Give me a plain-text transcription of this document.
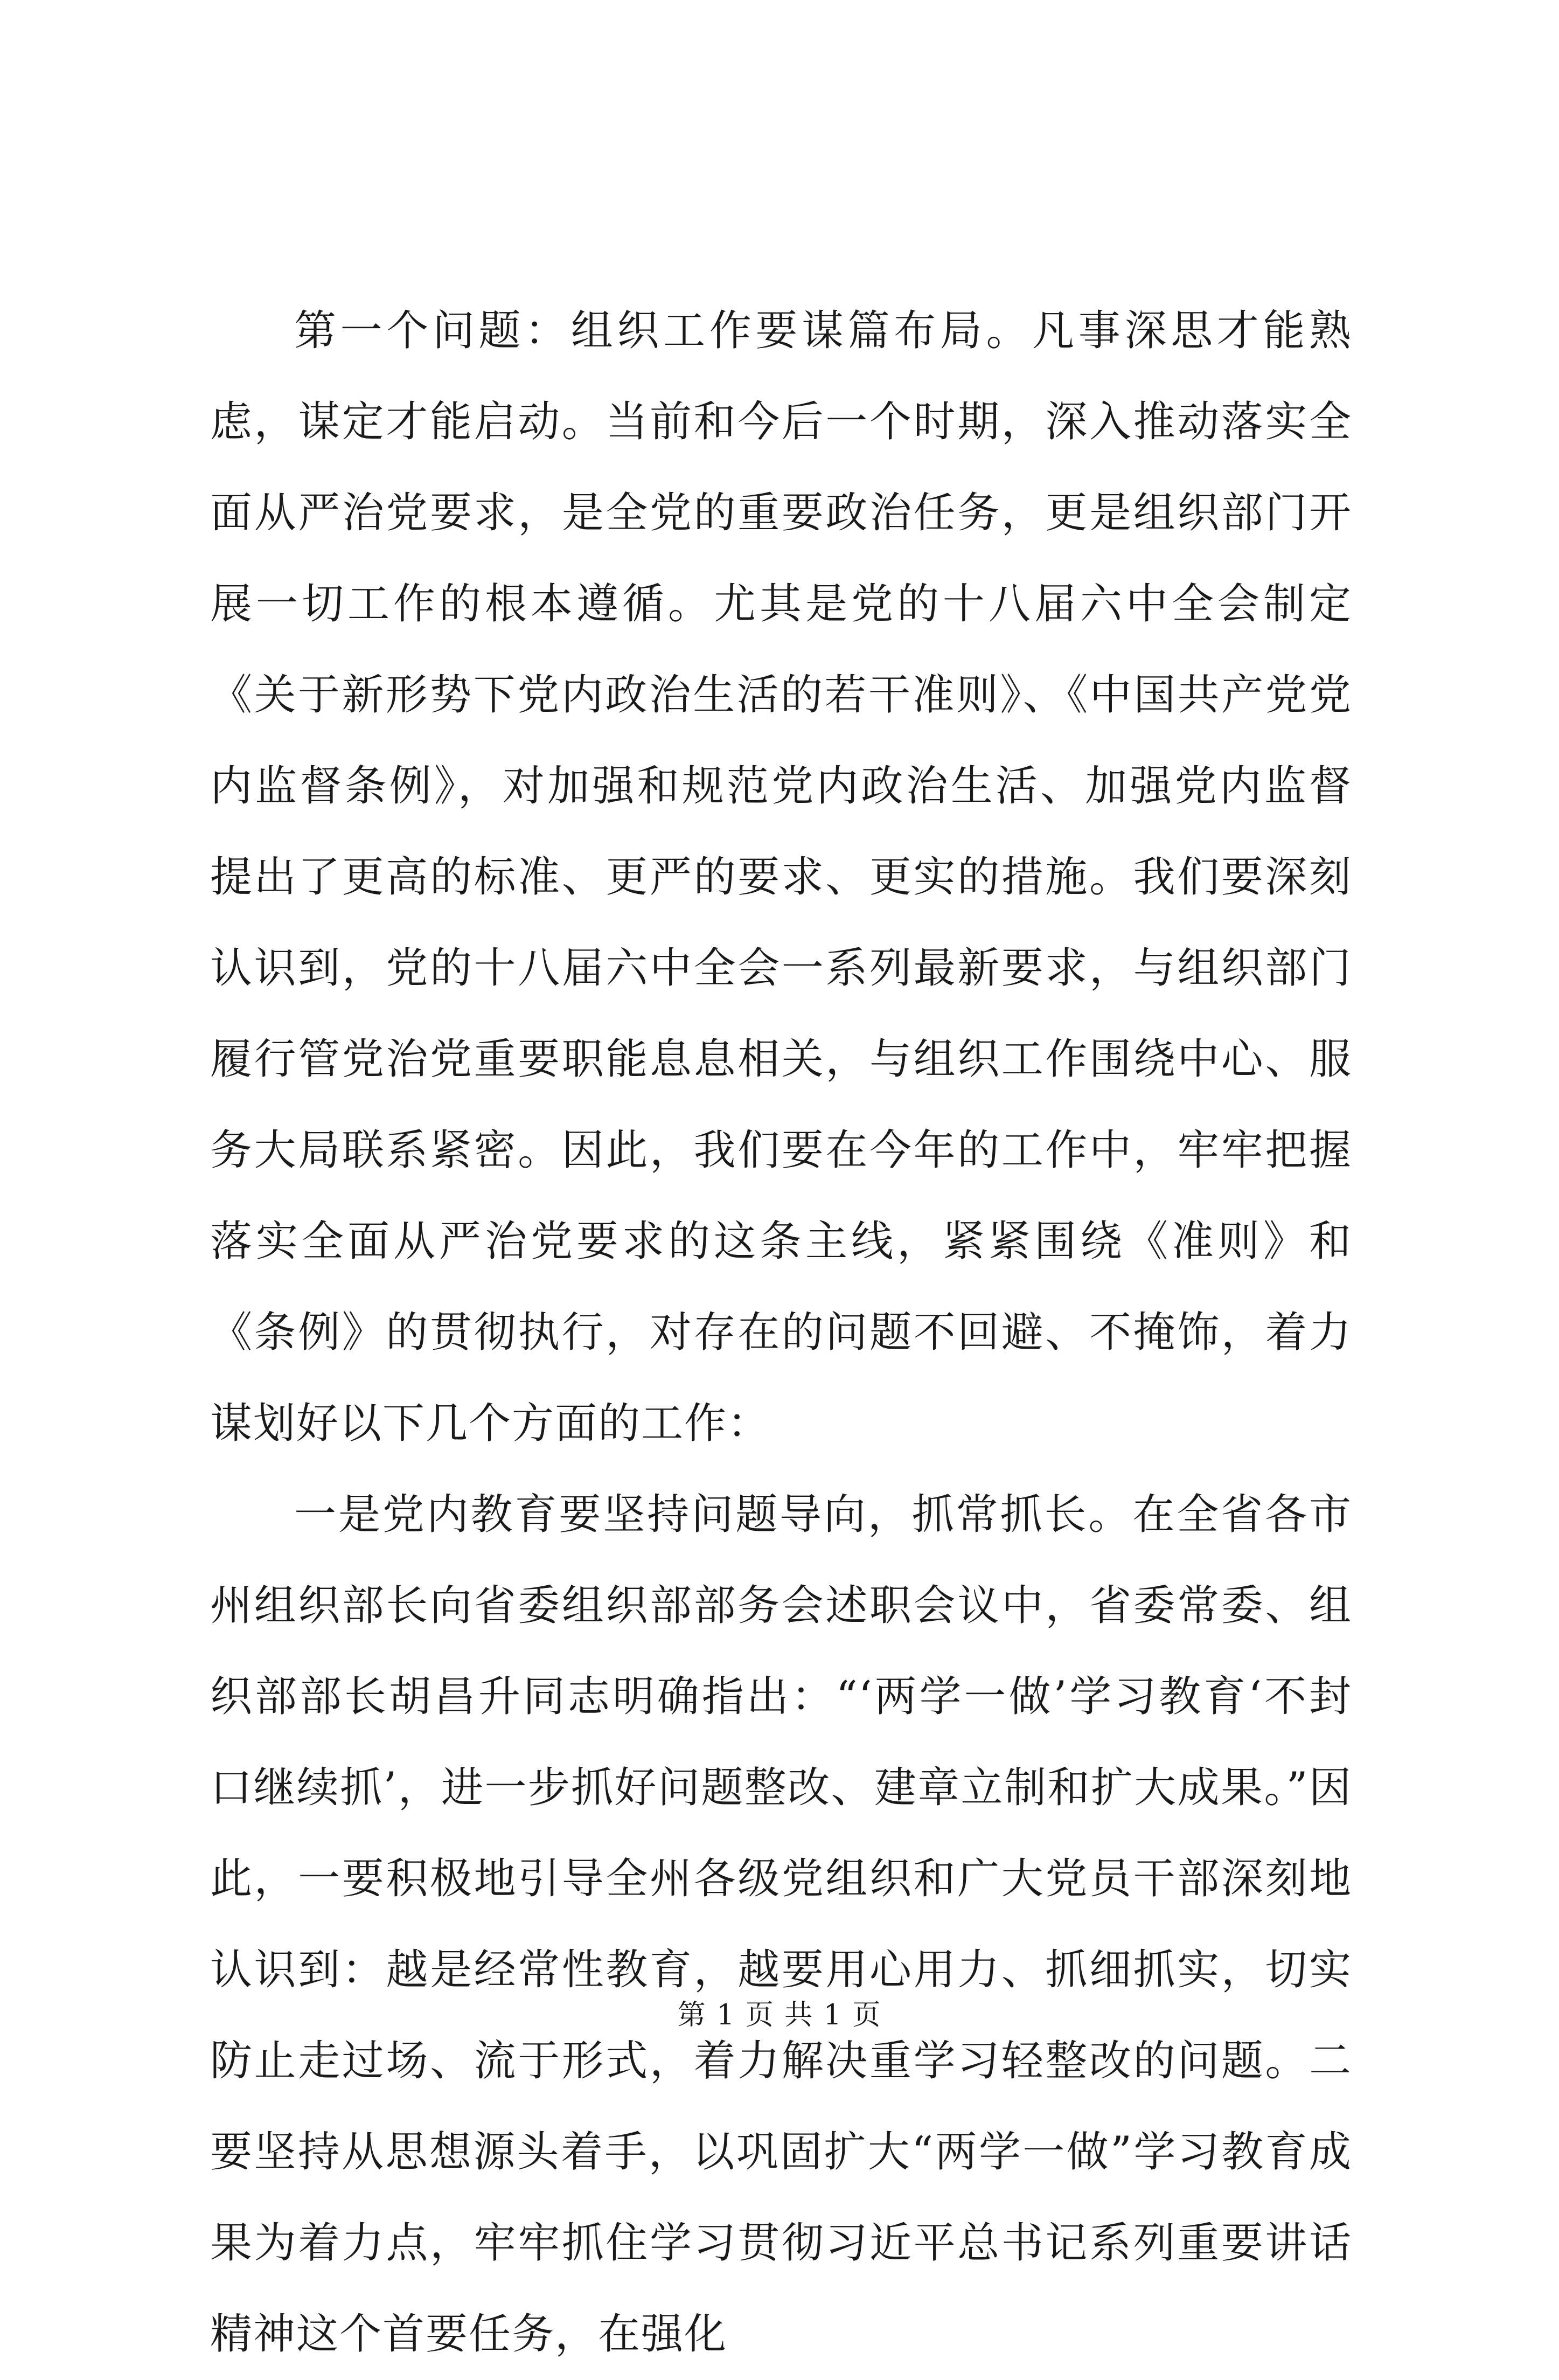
第一个问题：组织工作要谋篇布局。凡事深思才能熟虑，谋定才能启动。当前和今后一个时期，深入推动落实全面从严治党要求，是全党的重要政治任务，更是组织部门开展一切工作的根本遵循。尤其是党的十八届六中全会制定《关于新形势下党内政治生活的若干准则》、《中国共产党党内监督条例》，对加强和规范党内政治生活、加强党内监督提出了更高的标准、更严的要求、更实的措施。我们要深刻认识到，党的十八届六中全会一系列最新要求，与组织部门履行管党治党重要职能息息相关，与组织工作围绕中心、服务大局联系紧密。因此，我们要在今年的工作中，牢牢把握落实全面从严治党要求的这条主线，紧紧围绕《准则》和《条例》的贯彻执行，对存在的问题不回避、不掩饰，着力谋划好以下几个方面的工作：

一是党内教育要坚持问题导向，抓常抓长。在全省各市州组织部长向省委组织部部务会述职会议中，省委常委、组织部部长胡昌升同志明确指出：“‘两学一做’学习教育‘不封口继续抓’，进一步抓好问题整改、建章立制和扩大成果。”因此，一要积极地引导全州各级党组织和广大党员干部深刻地认识到：越是经常性教育，越要用心用力、抓细抓实，切实防止走过场、流于形式，着力解决重学习轻整改的问题。二要坚持从思想源头着手，以巩固扩大“两学一做”学习教育成果为着力点，牢牢抓住学习贯彻习近平总书记系列重要讲话精神这个首要任务，在强化

第 1 页 共 1 页
